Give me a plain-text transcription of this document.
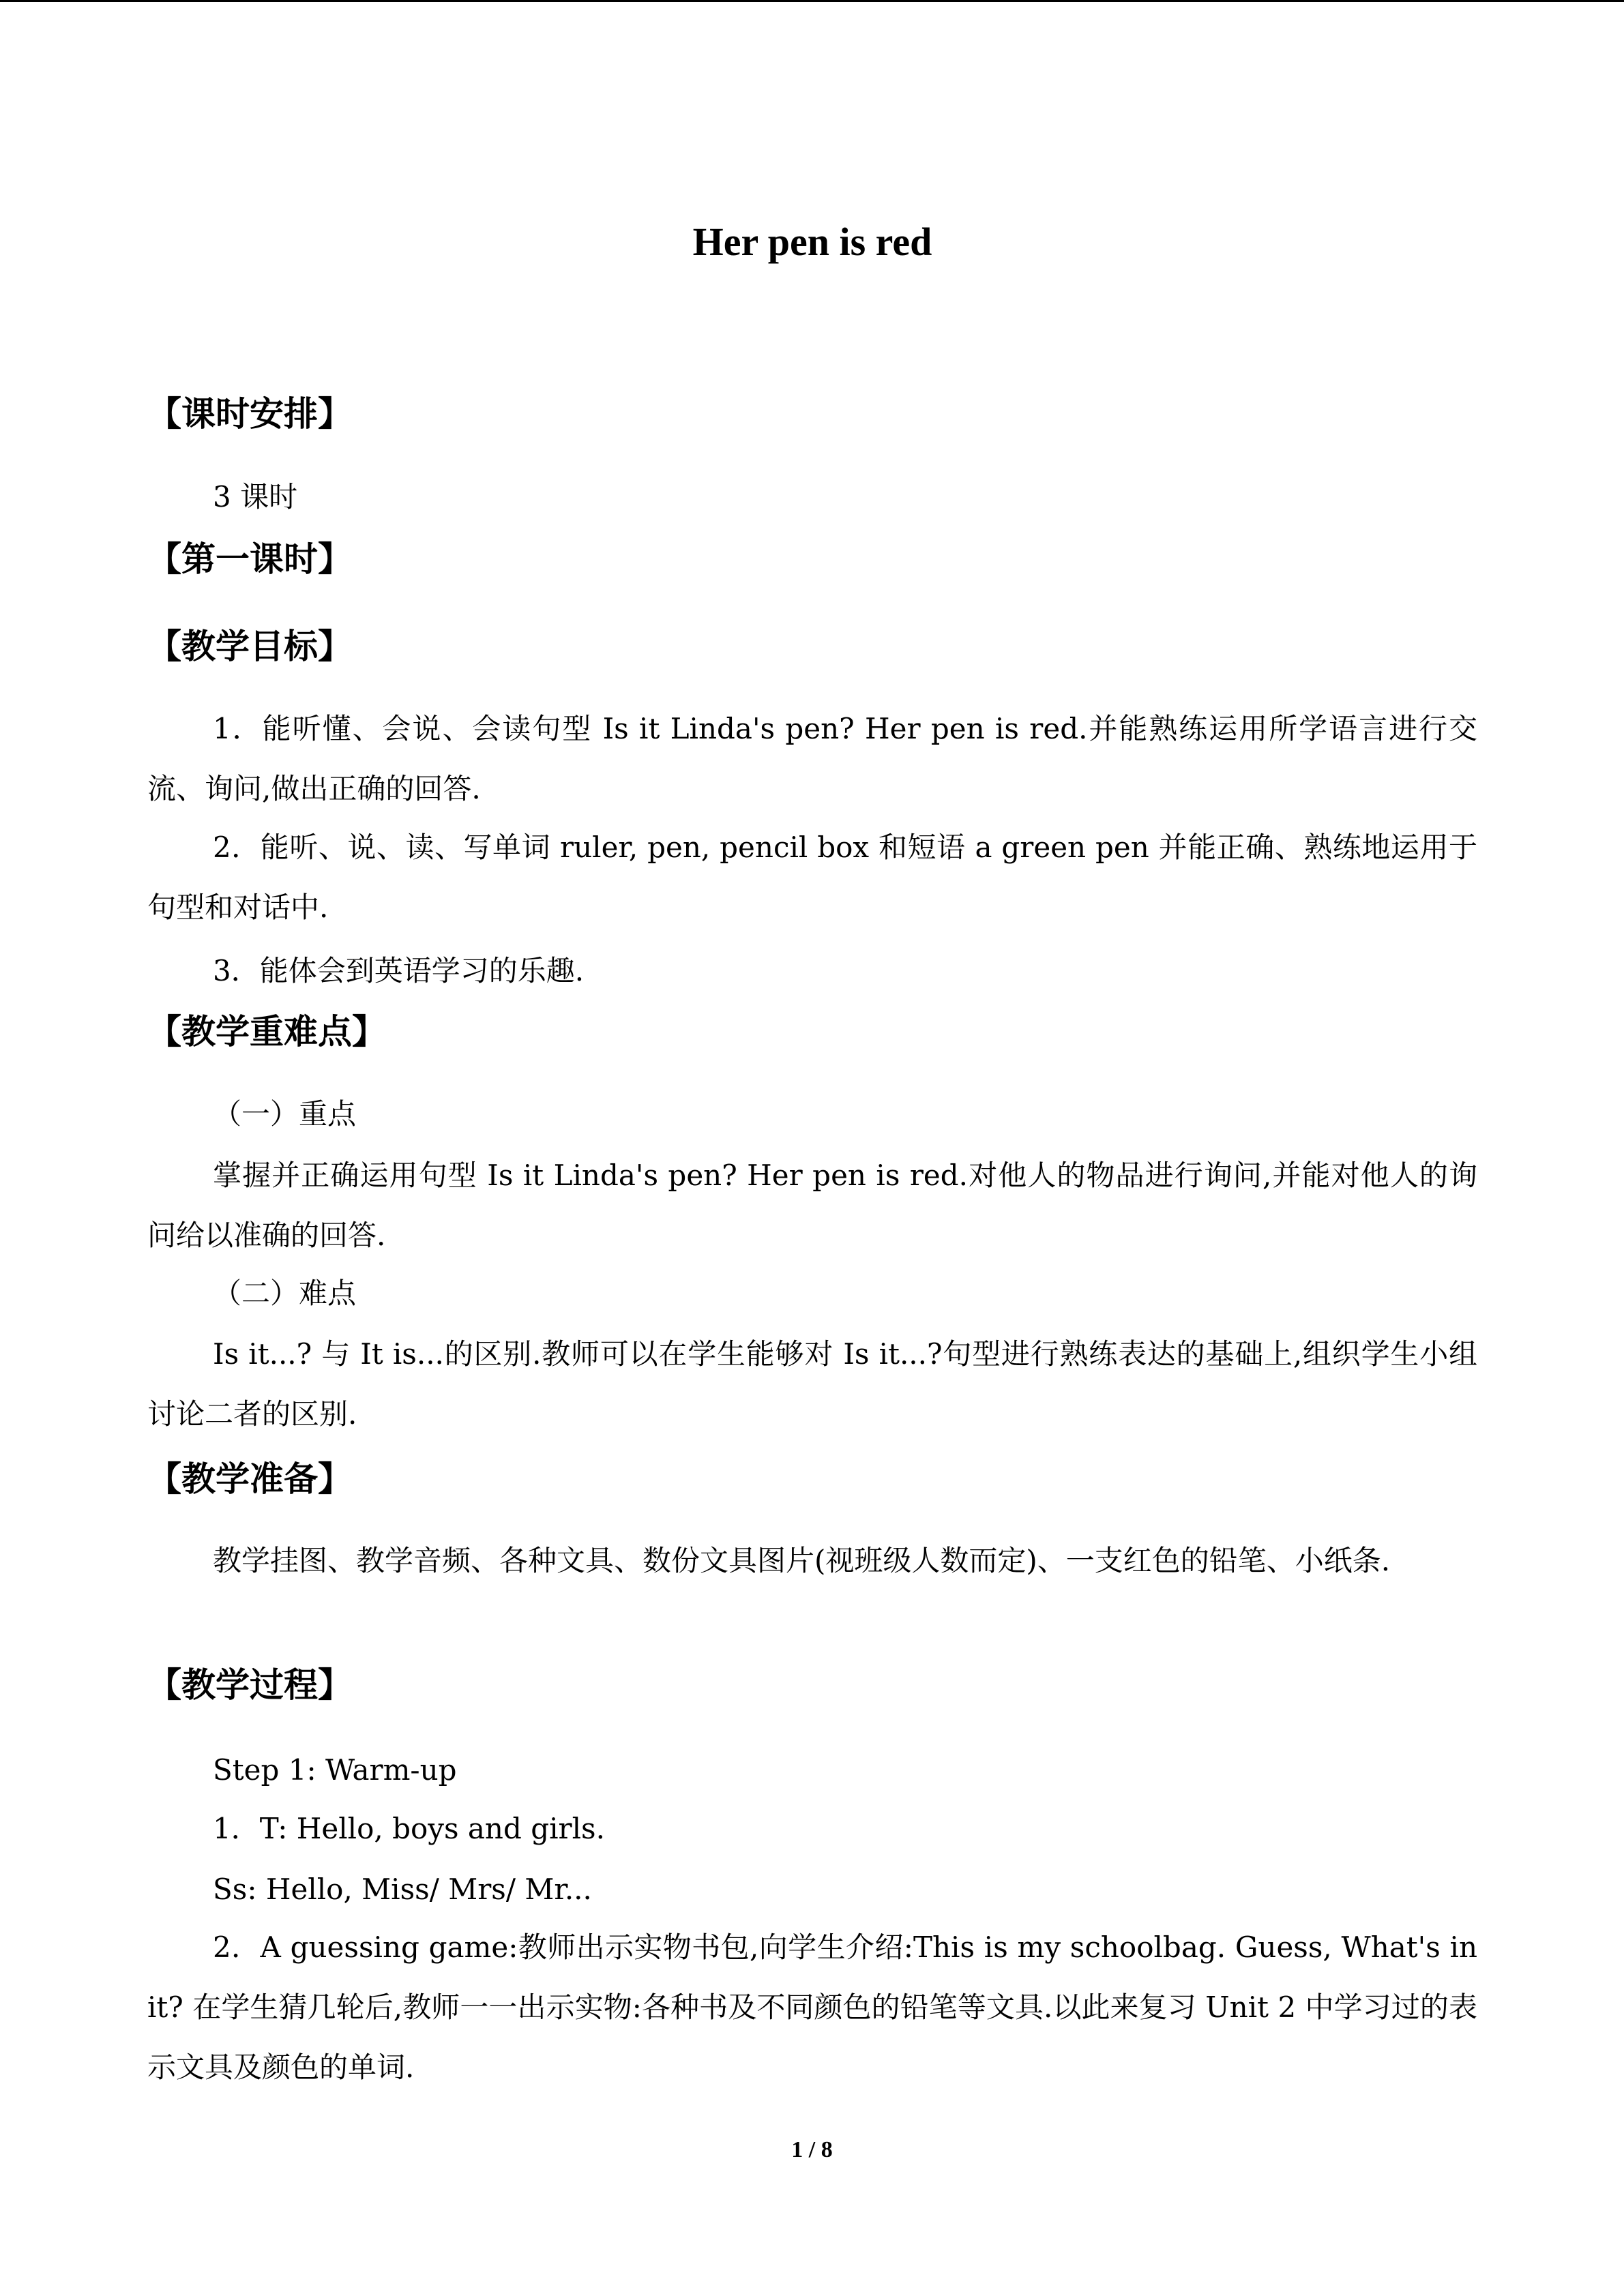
Her pen is red
【课时安排】

3 课时

【第一课时】
【教学目标】

1．能听懂、会说、会读句型 Is it Linda's pen? Her pen is red.并能熟练运用所学语言进行交流、询问,做出正确的回答.

2．能听、说、读、写单词 ruler, pen, pencil box 和短语 a green pen 并能正确、熟练地运用于句型和对话中.

3．能体会到英语学习的乐趣.

【教学重难点】

（一）重点

掌握并正确运用句型 Is it Linda's pen? Her pen is red.对他人的物品进行询问,并能对他人的询问给以准确的回答.

（二）难点

Is it...? 与 It is...的区别.教师可以在学生能够对 Is it...?句型进行熟练表达的基础上,组织学生小组讨论二者的区别.

【教学准备】

教学挂图、教学音频、各种文具、数份文具图片(视班级人数而定)、一支红色的铅笔、小纸条.

【教学过程】

Step 1: Warm-up

1．T: Hello, boys and girls.

Ss: Hello, Miss/ Mrs/ Mr...

2．A guessing game:教师出示实物书包,向学生介绍:This is my schoolbag. Guess, What's in it? 在学生猜几轮后,教师一一出示实物:各种书及不同颜色的铅笔等文具.以此来复习 Unit 2 中学习过的表示文具及颜色的单词.

1 / 8
